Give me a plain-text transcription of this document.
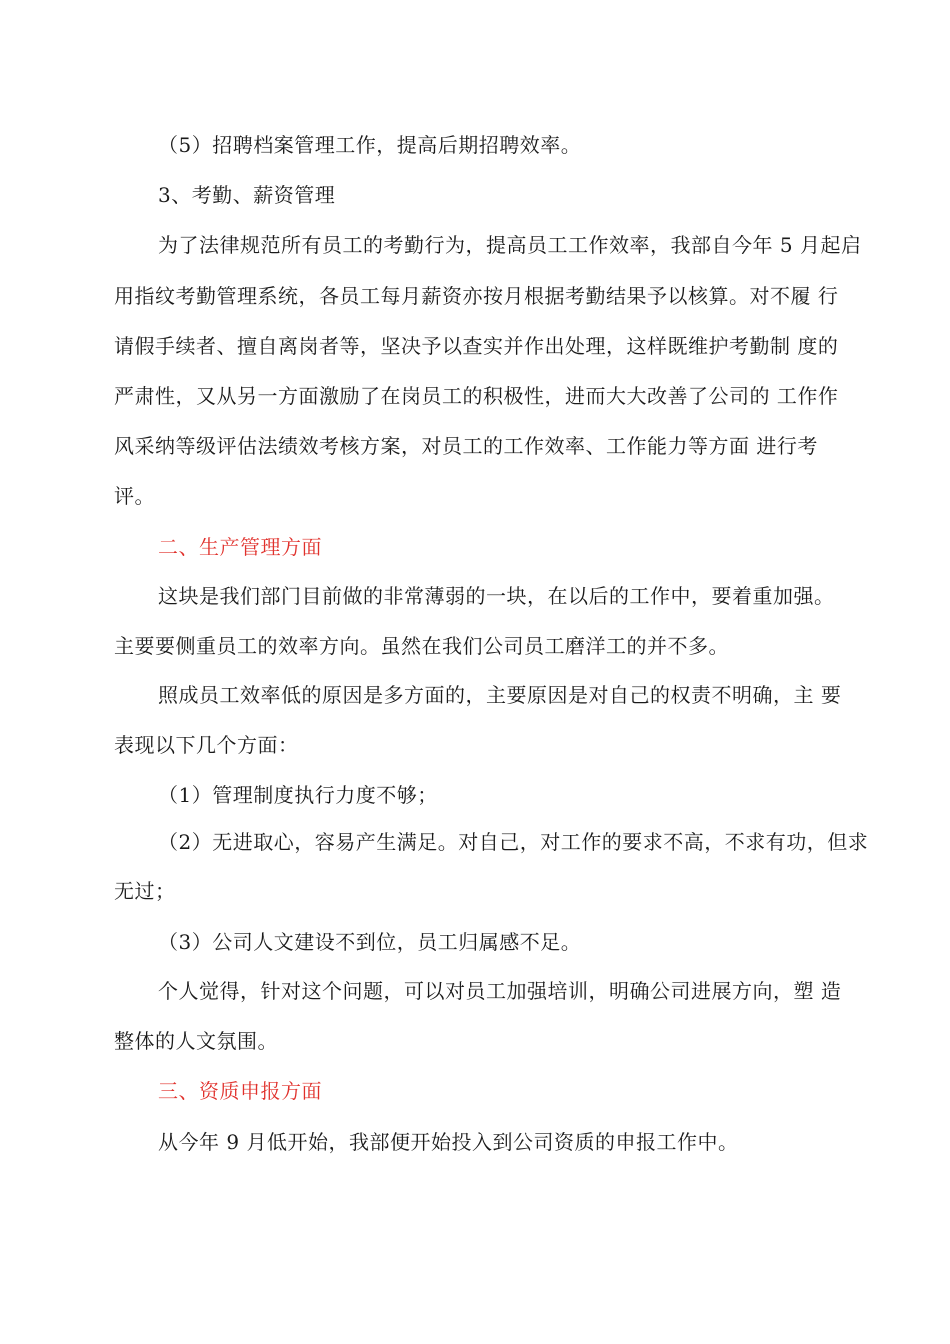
（5）招聘档案管理工作，提高后期招聘效率。
3、考勤、薪资管理
为了法律规范所有员工的考勤行为，提高员工工作效率，我部自今年 5 月起启
用指纹考勤管理系统，各员工每月薪资亦按月根据考勤结果予以核算。对不履 行
请假手续者、擅自离岗者等，坚决予以查实并作出处理，这样既维护考勤制 度的
严肃性，又从另一方面激励了在岗员工的积极性，进而大大改善了公司的 工作作
风采纳等级评估法绩效考核方案，对员工的工作效率、工作能力等方面 进行考
评。
二、生产管理方面
这块是我们部门目前做的非常薄弱的一块，在以后的工作中，要着重加强。
主要要侧重员工的效率方向。虽然在我们公司员工磨洋工的并不多。
照成员工效率低的原因是多方面的，主要原因是对自己的权责不明确，主 要
表现以下几个方面：
（1）管理制度执行力度不够；
（2）无进取心，容易产生满足。对自己，对工作的要求不高，不求有功，但求
无过；
（3）公司人文建设不到位，员工归属感不足。
个人觉得，针对这个问题，可以对员工加强培训，明确公司进展方向，塑 造
整体的人文氛围。
三、资质申报方面
从今年 9 月低开始，我部便开始投入到公司资质的申报工作中。
